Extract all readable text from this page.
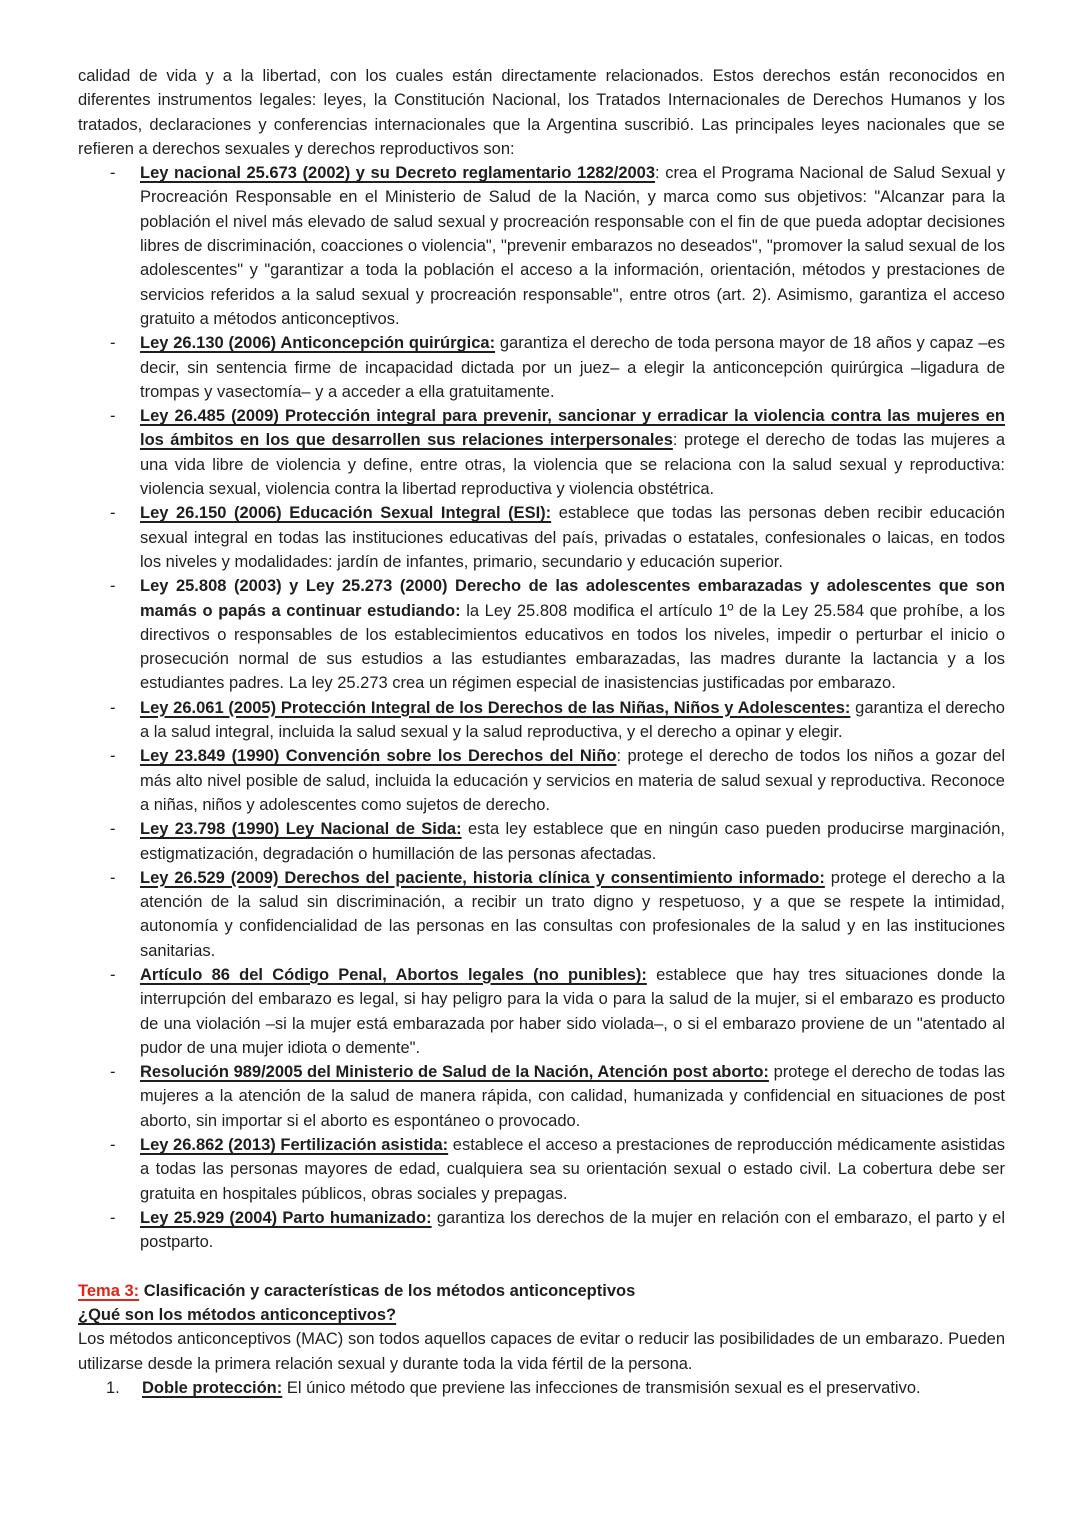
calidad de vida y a la libertad, con los cuales están directamente relacionados. Estos derechos están reconocidos en diferentes instrumentos legales: leyes, la Constitución Nacional, los Tratados Internacionales de Derechos Humanos y los tratados, declaraciones y conferencias internacionales que la Argentina suscribió. Las principales leyes nacionales que se refieren a derechos sexuales y derechos reproductivos son:

-	Ley nacional 25.673 (2002) y su Decreto reglamentario 1282/2003: crea el Programa Nacional de Salud Sexual y Procreación Responsable en el Ministerio de Salud de la Nación, y marca como sus objetivos: "Alcanzar para la población el nivel más elevado de salud sexual y procreación responsable con el fin de que pueda adoptar decisiones libres de discriminación, coacciones o violencia", "prevenir embarazos no deseados", "promover la salud sexual de los adolescentes" y "garantizar a toda la población el acceso a la información, orientación, métodos y prestaciones de servicios referidos a la salud sexual y procreación responsable", entre otros (art. 2). Asimismo, garantiza el acceso gratuito a métodos anticonceptivos.

-	Ley 26.130 (2006) Anticoncepción quirúrgica: garantiza el derecho de toda persona mayor de 18 años y capaz –es decir, sin sentencia firme de incapacidad dictada por un juez– a elegir la anticoncepción quirúrgica –ligadura de trompas y vasectomía– y a acceder a ella gratuitamente.

-	Ley 26.485 (2009) Protección integral para prevenir, sancionar y erradicar la violencia contra las mujeres en los ámbitos en los que desarrollen sus relaciones interpersonales: protege el derecho de todas las mujeres a una vida libre de violencia y define, entre otras, la violencia que se relaciona con la salud sexual y reproductiva: violencia sexual, violencia contra la libertad reproductiva y violencia obstétrica.

-	Ley 26.150 (2006) Educación Sexual Integral (ESI): establece que todas las personas deben recibir educación sexual integral en todas las instituciones educativas del país, privadas o estatales, confesionales o laicas, en todos los niveles y modalidades: jardín de infantes, primario, secundario y educación superior.

-	Ley 25.808 (2003) y Ley 25.273 (2000) Derecho de las adolescentes embarazadas y adolescentes que son mamás o papás a continuar estudiando: la Ley 25.808 modifica el artículo 1º de la Ley 25.584 que prohíbe, a los directivos o responsables de los establecimientos educativos en todos los niveles, impedir o perturbar el inicio o prosecución normal de sus estudios a las estudiantes embarazadas, las madres durante la lactancia y a los estudiantes padres. La ley 25.273 crea un régimen especial de inasistencias justificadas por embarazo.

-	Ley 26.061 (2005) Protección Integral de los Derechos de las Niñas, Niños y Adolescentes: garantiza el derecho a la salud integral, incluida la salud sexual y la salud reproductiva, y el derecho a opinar y elegir.

-	Ley 23.849 (1990) Convención sobre los Derechos del Niño: protege el derecho de todos los niños a gozar del más alto nivel posible de salud, incluida la educación y servicios en materia de salud sexual y reproductiva. Reconoce a niñas, niños y adolescentes como sujetos de derecho.

-	Ley 23.798 (1990) Ley Nacional de Sida: esta ley establece que en ningún caso pueden producirse marginación, estigmatización, degradación o humillación de las personas afectadas.

-	Ley 26.529 (2009) Derechos del paciente, historia clínica y consentimiento informado: protege el derecho a la atención de la salud sin discriminación, a recibir un trato digno y respetuoso, y a que se respete la intimidad, autonomía y confidencialidad de las personas en las consultas con profesionales de la salud y en las instituciones sanitarias.

-	Artículo 86 del Código Penal, Abortos legales (no punibles): establece que hay tres situaciones donde la interrupción del embarazo es legal, si hay peligro para la vida o para la salud de la mujer, si el embarazo es producto de una violación –si la mujer está embarazada por haber sido violada–, o si el embarazo proviene de un "atentado al pudor de una mujer idiota o demente".

-	Resolución 989/2005 del Ministerio de Salud de la Nación, Atención post aborto: protege el derecho de todas las mujeres a la atención de la salud de manera rápida, con calidad, humanizada y confidencial en situaciones de post aborto, sin importar si el aborto es espontáneo o provocado.

-	Ley 26.862 (2013) Fertilización asistida: establece el acceso a prestaciones de reproducción médicamente asistidas a todas las personas mayores de edad, cualquiera sea su orientación sexual o estado civil. La cobertura debe ser gratuita en hospitales públicos, obras sociales y prepagas.

-	Ley 25.929 (2004) Parto humanizado: garantiza los derechos de la mujer en relación con el embarazo, el parto y el postparto.

Tema 3: Clasificación y características de los métodos anticonceptivos

¿Qué son los métodos anticonceptivos?

Los métodos anticonceptivos (MAC) son todos aquellos capaces de evitar o reducir las posibilidades de un embarazo. Pueden utilizarse desde la primera relación sexual y durante toda la vida fértil de la persona.

1.	Doble protección: El único método que previene las infecciones de transmisión sexual es el preservativo.
